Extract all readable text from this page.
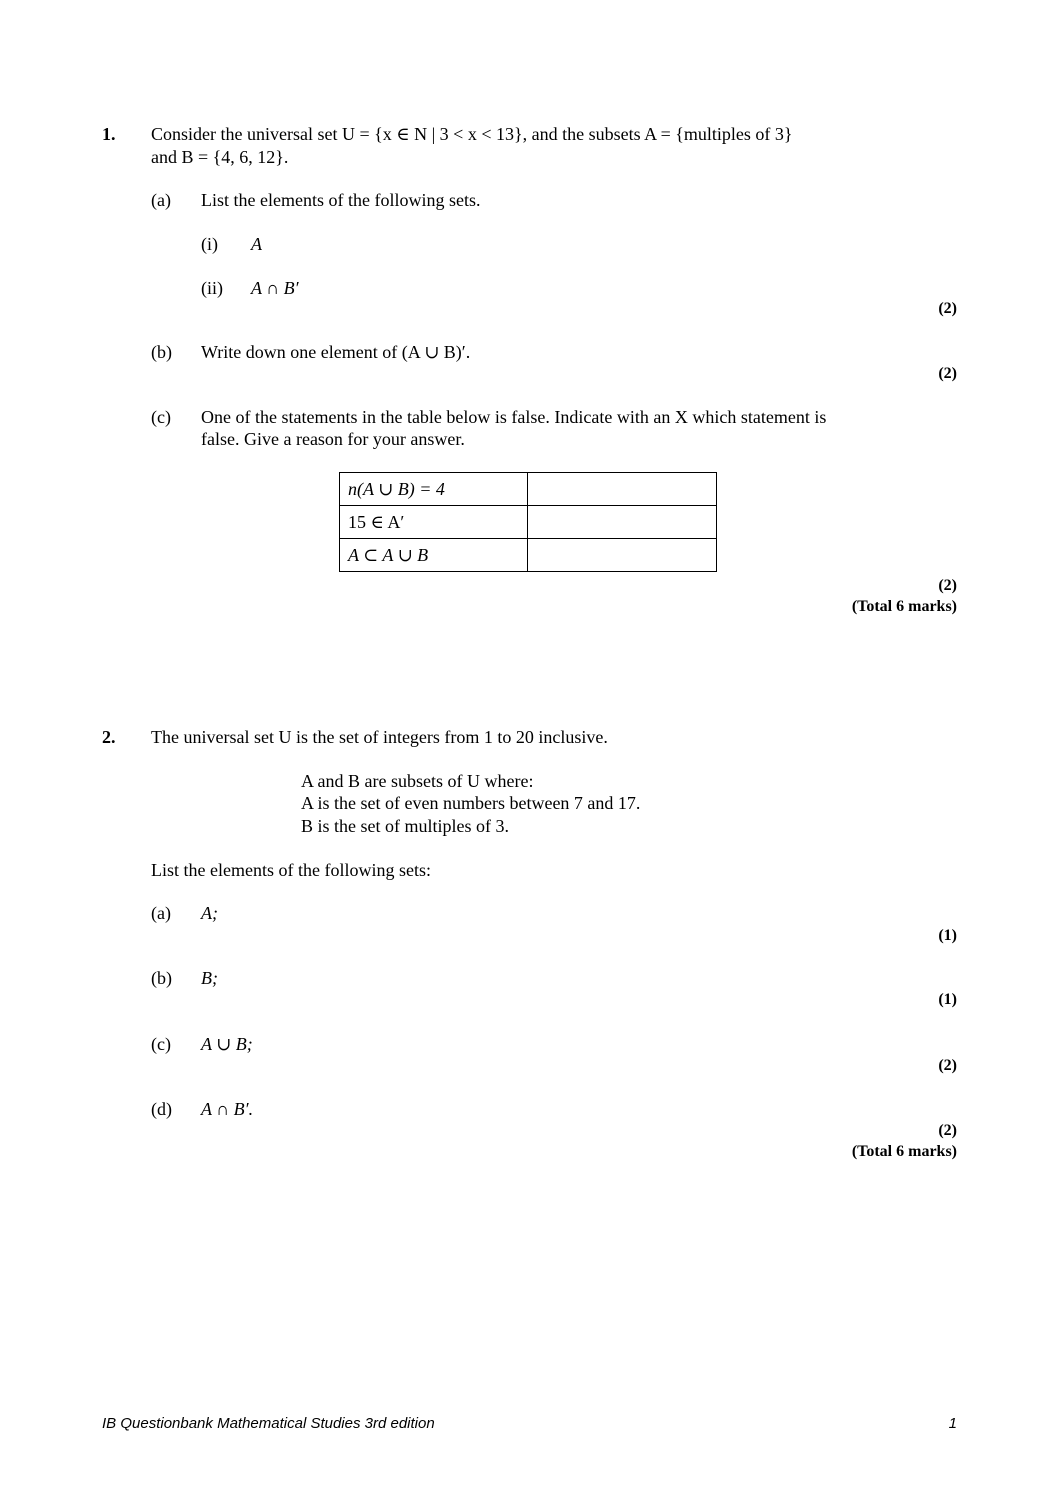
1. Consider the universal set U = {x ∈ N | 3 < x < 13}, and the subsets A = {multiples of 3}
and B = {4, 6, 12}.
(a) List the elements of the following sets.
(i) A
(ii) A ∩ B′
(2)
(b) Write down one element of (A ∪ B)′.
(2)
(c) One of the statements in the table below is false. Indicate with an X which statement is
false. Give a reason for your answer.
n(A ∪ B) = 4	
15 ∈ A′	
A ⊂ A ∪ B	
(2)
(Total 6 marks)
2. The universal set U is the set of integers from 1 to 20 inclusive.
A and B are subsets of U where:
A is the set of even numbers between 7 and 17.
B is the set of multiples of 3.
List the elements of the following sets:
(a) A;
(1)
(b) B;
(1)
(c) A ∪ B;
(2)
(d) A ∩ B′.
(2)
(Total 6 marks)
IB Questionbank Mathematical Studies 3rd edition	1
